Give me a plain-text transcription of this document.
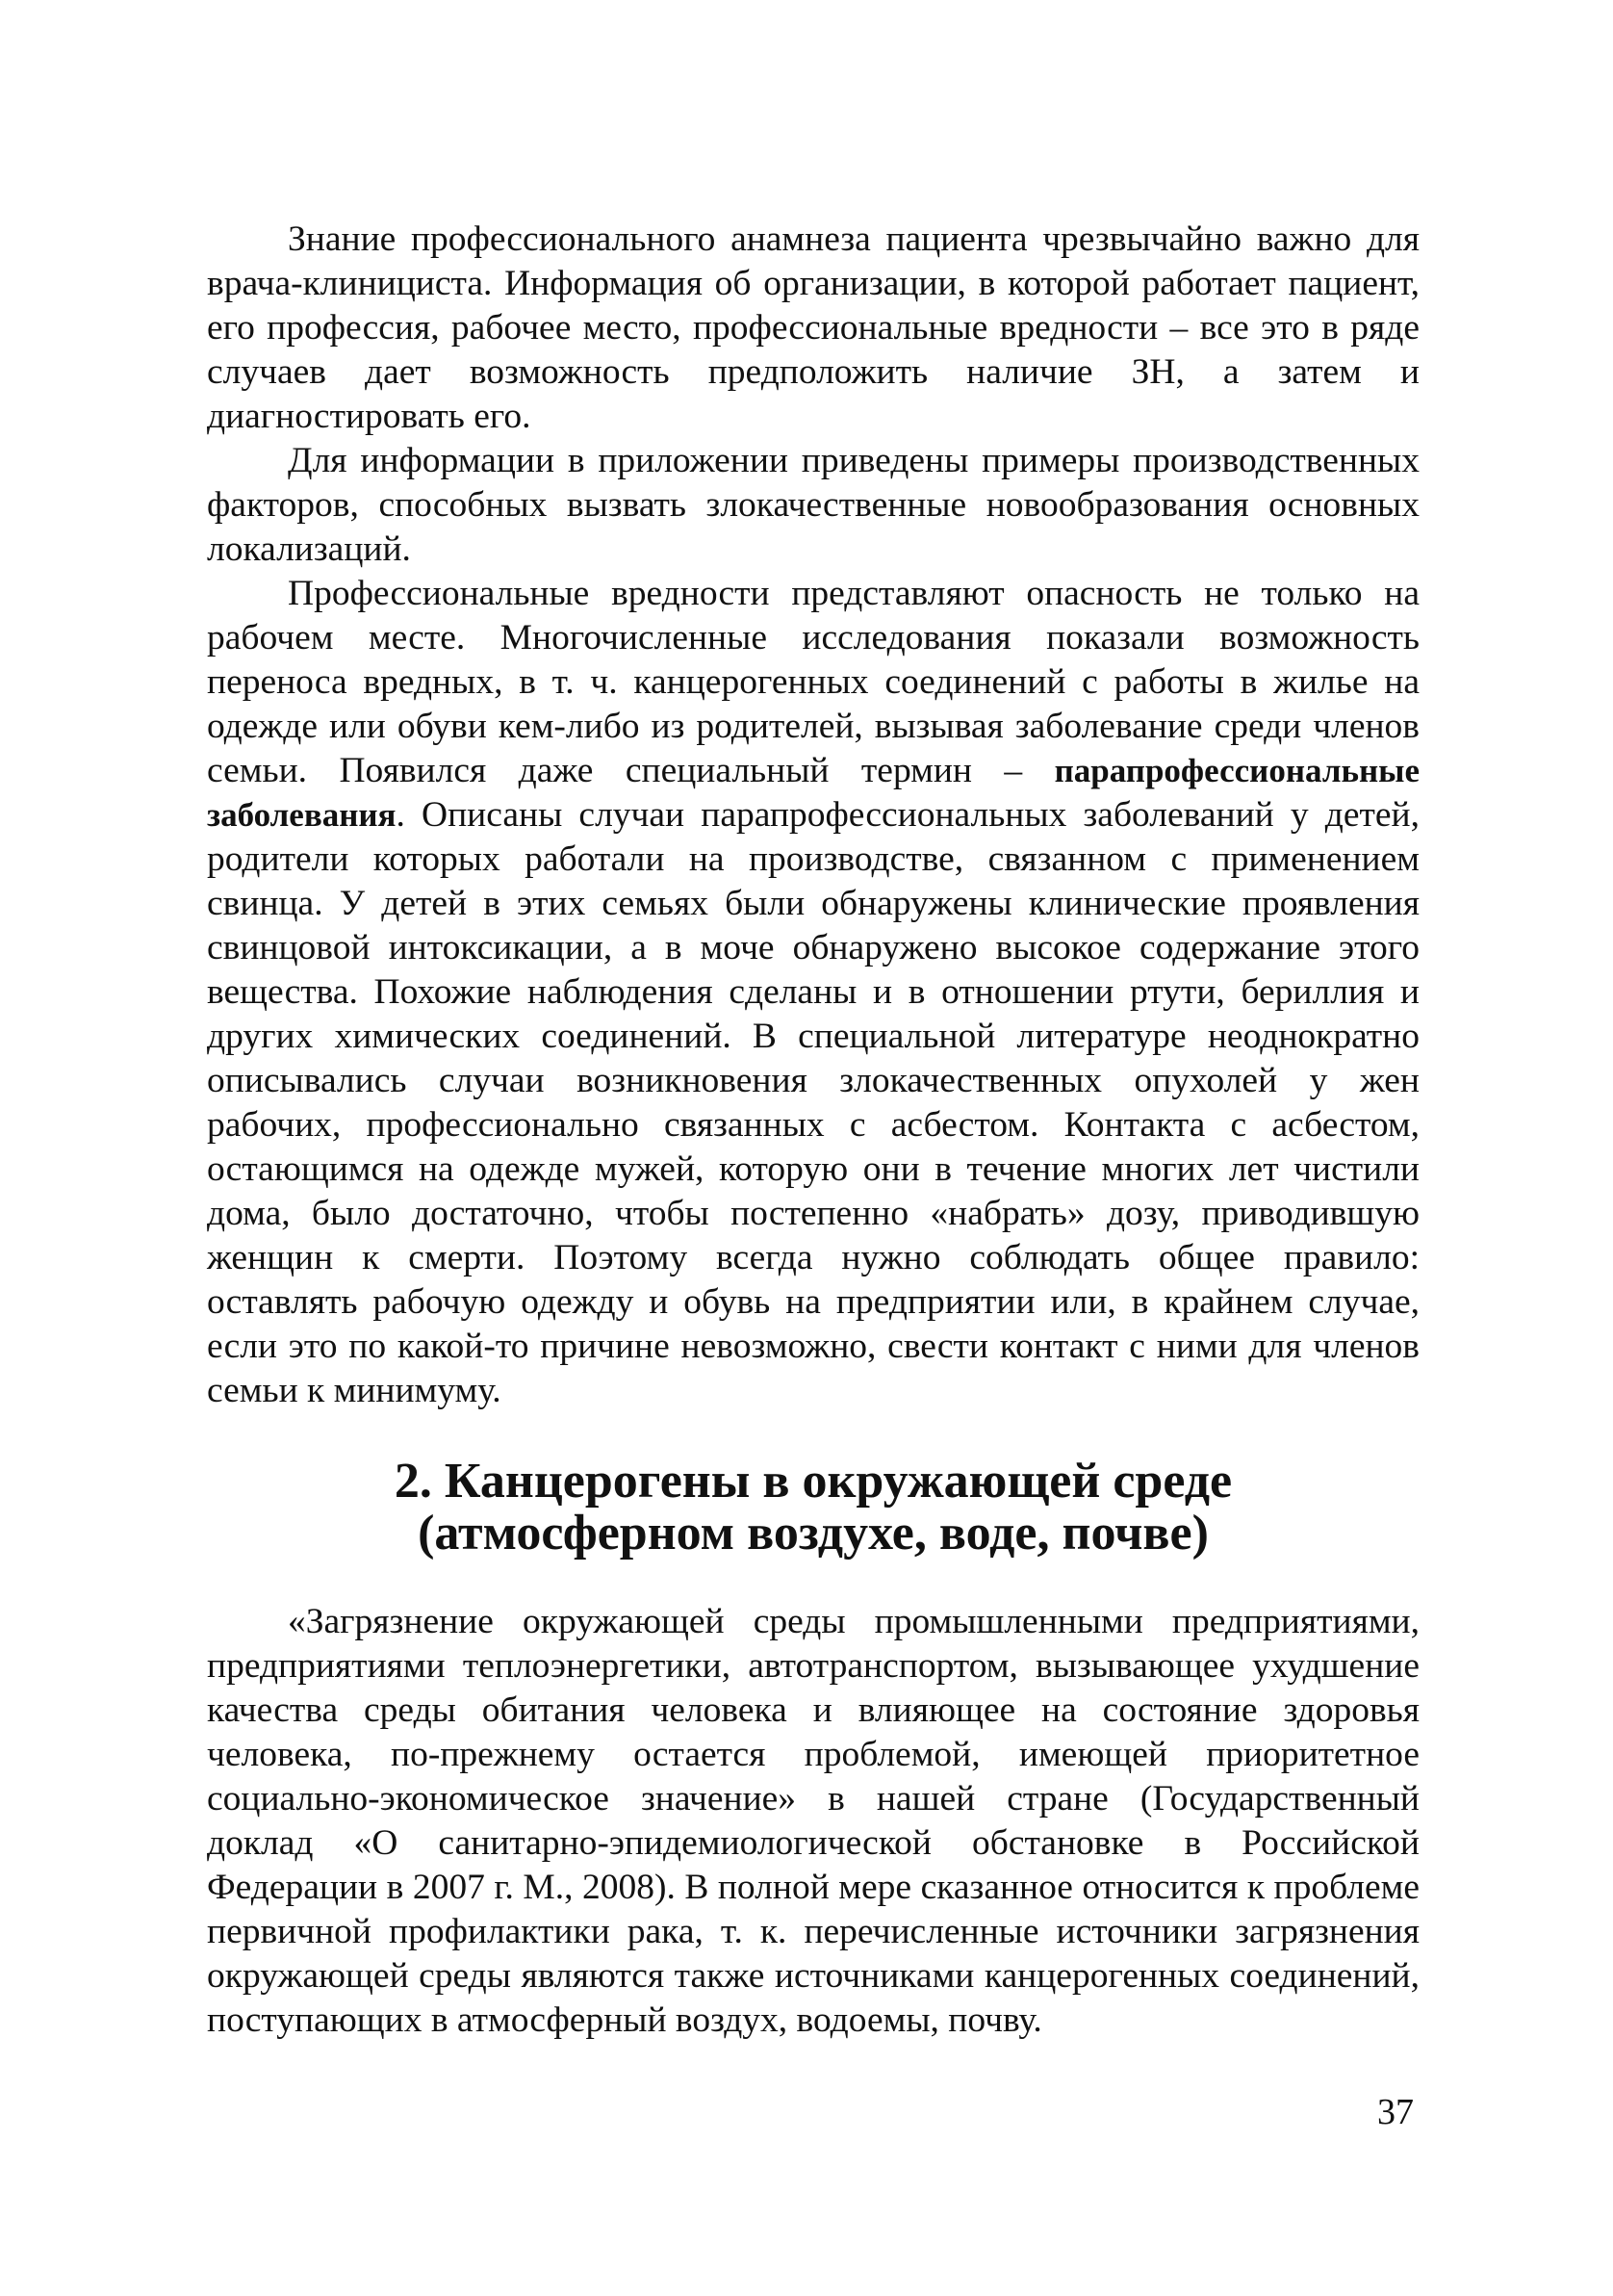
Знание профессионального анамнеза пациента чрезвычайно важно для врача-клинициста. Информация об организации, в которой работает пациент, его профессия, рабочее место, профессиональные вредности – все это в ряде случаев дает возможность предположить наличие ЗН, а затем и диагностировать его.

Для информации в приложении приведены примеры производственных факторов, способных вызвать злокачественные новообразования основных локализаций.

Профессиональные вредности представляют опасность не только на рабочем месте. Многочисленные исследования показали возможность переноса вредных, в т. ч. канцерогенных соединений с работы в жилье на одежде или обуви кем-либо из родителей, вызывая заболевание среди членов семьи. Появился даже специальный термин – парапрофессиональные заболевания. Описаны случаи парапрофессиональных заболеваний у детей, родители которых работали на производстве, связанном с применением свинца. У детей в этих семьях были обнаружены клинические проявления свинцовой интоксикации, а в моче обнаружено высокое содержание этого вещества. Похожие наблюдения сделаны и в отношении ртути, бериллия и других химических соединений. В специальной литературе неоднократно описывались случаи возникновения злокачественных опухолей у жен рабочих, профессионально связанных с асбестом. Контакта с асбестом, остающимся на одежде мужей, которую они в течение многих лет чистили дома, было достаточно, чтобы постепенно «набрать» дозу, приводившую женщин к смерти. Поэтому всегда нужно соблюдать общее правило: оставлять рабочую одежду и обувь на предприятии или, в крайнем случае, если это по какой-то причине невозможно, свести контакт с ними для членов семьи к минимуму.

2. Канцерогены в окружающей среде
(атмосферном воздухе, воде, почве)

«Загрязнение окружающей среды промышленными предприятиями, предприятиями теплоэнергетики, автотранспортом, вызывающее ухудшение качества среды обитания человека и влияющее на состояние здоровья человека, по-прежнему остается проблемой, имеющей приоритетное социально-экономическое значение» в нашей стране (Государственный доклад «О санитарно-эпидемиологической обстановке в Российской Федерации в 2007 г. М., 2008). В полной мере сказанное относится к проблеме первичной профилактики рака, т. к. перечисленные источники загрязнения окружающей среды являются также источниками канцерогенных соединений, поступающих в атмосферный воздух, водоемы, почву.

37
